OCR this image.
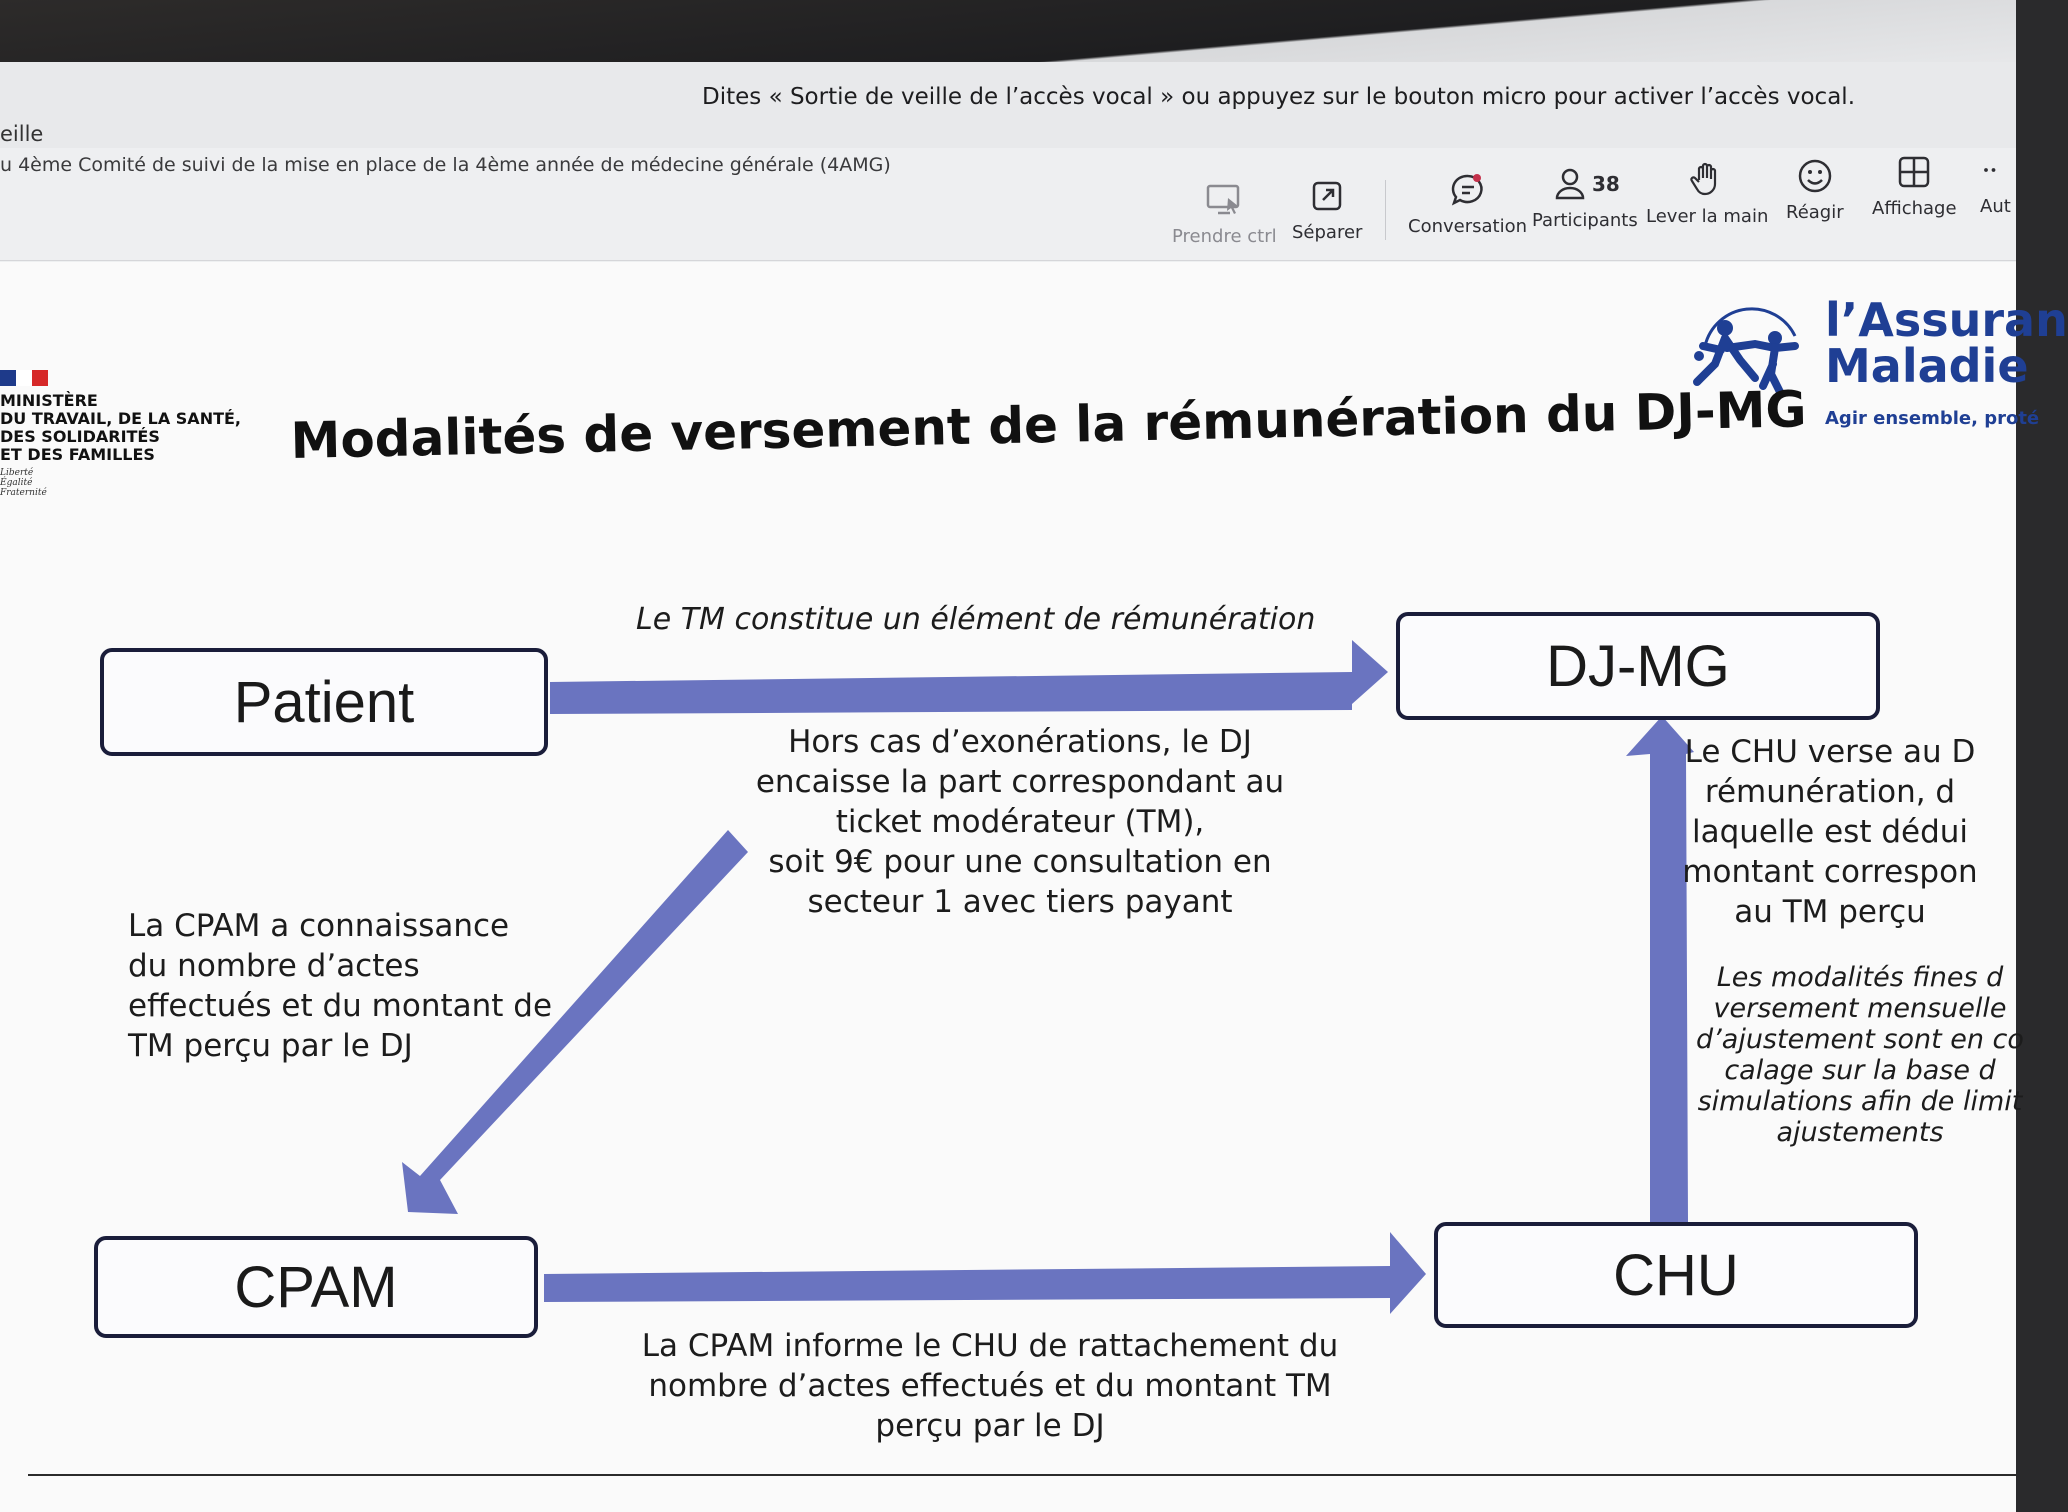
eille
Dites « Sortie de veille de l’accès vocal » ou appuyez sur le bouton micro pour activer l’accès vocal.
u 4ème Comité de suivi de la mise en place de la 4ème année de médecine générale (4AMG)
Prendre ctrl Séparer	Conversation
38
Participants Lever la main Réagir Affichage Aut
MINISTÈRE
DU TRAVAIL, DE LA SANTÉ,
DES SOLIDARITÉS
ET DES FAMILLES
Liberté
Égalité
Fraternité
l’Assuran
Maladie
Agir ensemble, proté
Modalités de versement de la rémunération du DJ-MG
Patient
DJ-MG
CPAM	CHU
Le TM constitue un élément de rémunération
Hors cas d’exonérations, le DJ
encaisse la part correspondant au
ticket modérateur (TM),
soit 9€ pour une consultation en
secteur 1 avec tiers payant
La CPAM a connaissance
du nombre d’actes
effectués et du montant de
TM perçu par le DJ
Le CHU verse au D
rémunération, d
laquelle est dédui
montant correspon
au TM perçu
Les modalités fines d
versement mensuelle
d’ajustement sont en co
calage sur la base d
simulations afin de limit
ajustements
La CPAM informe le CHU de rattachement du
nombre d’actes effectués et du montant TM
perçu par le DJ
